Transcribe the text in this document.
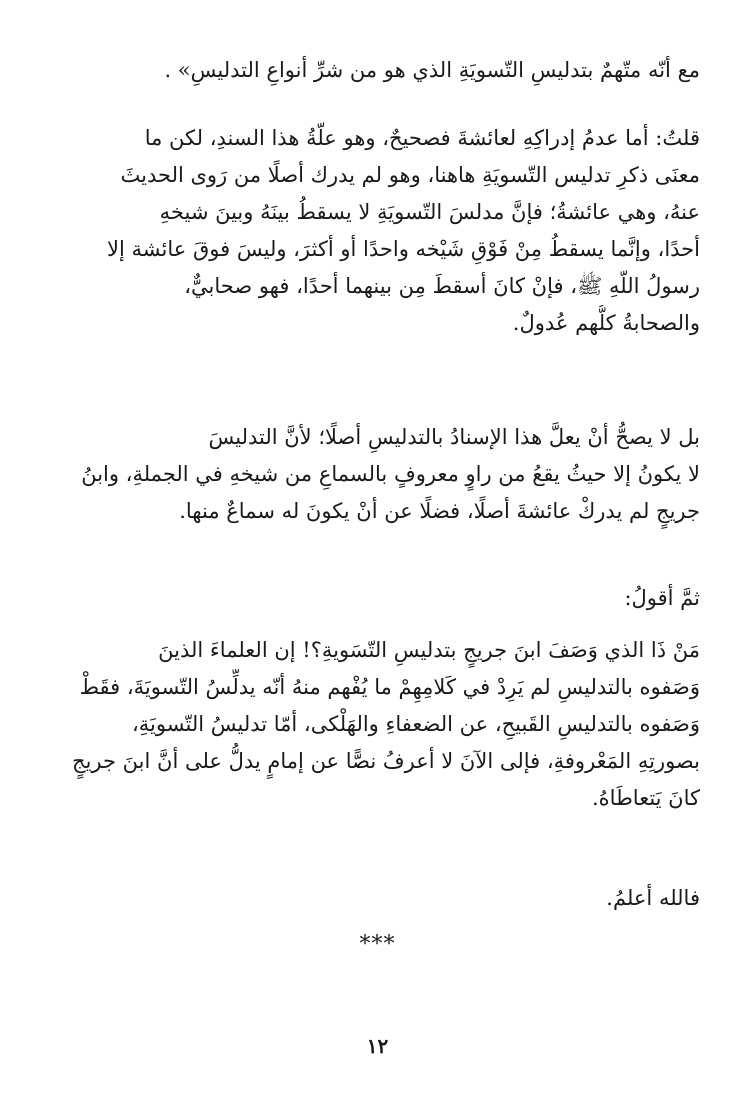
مع أنّه متّهمٌ بتدليسِ التّسويَةِ الذي هو من شرِّ أنواعِ التدليسِ» .
قلتُ: أما عدمُ إدراكِهِ لعائشةَ فصحيحٌ، وهو علّةُ هذا السندِ، لكن ما
معنَى ذكرِ تدليس التّسويَةِ هاهنا، وهو لم يدرك أصلًا من رَوى الحديثَ
عنهُ، وهي عائشةُ؛ فإنَّ مدلسَ التّسويَةِ لا يسقطُ بينَهُ وبينَ شيخهِ
أحدًا، وإنَّما يسقطُ مِنْ فَوْقِ شَيْخه واحدًا أو أكثرَ، وليسَ فوقَ عائشة إلا
رسولُ اللّهِ ﷺ، فإنْ كانَ أسقطَ مِن بينهما أحدًا، فهو صحابيٌّ،
والصحابةُ كلُّهم عُدولٌ.
بل لا يصحُّ أنْ يعلَّ هذا الإسنادُ بالتدليسِ أصلًا؛ لأنَّ التدليسَ
لا يكونُ إلا حيثُ يقعُ من راوٍ معروفٍ بالسماعِ من شيخهِ في الجملةِ، وابنُ
جريجٍ لم يدركْ عائشةَ أصلًا، فضلًا عن أنْ يكونَ له سماعٌ منها.
ثمَّ أقولُ:
مَنْ ذَا الذي وَصَفَ ابنَ جريجٍ بتدليسِ التّسَويةِ؟! إن العلماءَ الذينَ
وَصَفوه بالتدليسِ لم يَرِدْ في كَلامِهِمْ ما يُفْهم منهُ أنّه يدلِّسُ التّسويَةَ، فقَطْ
وَصَفوه بالتدليسِ القَبيحِ، عن الضعفاءِ والهَلْكى، أمّا تدليسُ التّسويَةِ،
بصورتِهِ المَعْروفةِ، فإلى الآنَ لا أعرفُ نصًّا عن إمامٍ يدلُّ على أنَّ ابنَ جريجٍ
كانَ يَتعاطَاهُ.
فالله أعلمُ.
***
١٢
